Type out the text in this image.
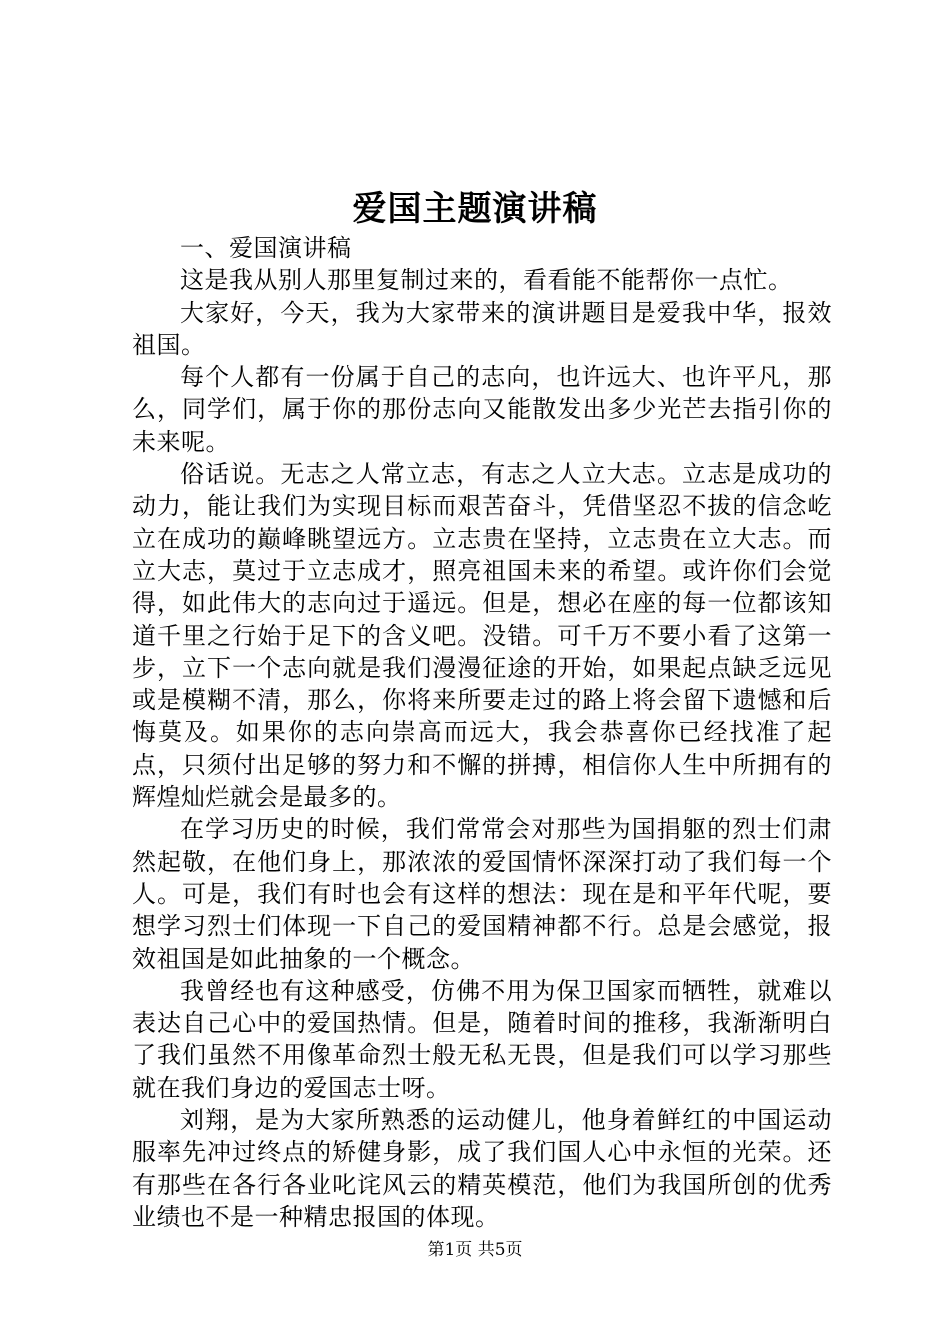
爱国主题演讲稿

一、爱国演讲稿

这是我从别人那里复制过来的，看看能不能帮你一点忙。

大家好，今天，我为大家带来的演讲题目是爱我中华，报效祖国。

每个人都有一份属于自己的志向，也许远大、也许平凡，那么，同学们，属于你的那份志向又能散发出多少光芒去指引你的未来呢。

俗话说。无志之人常立志，有志之人立大志。立志是成功的动力，能让我们为实现目标而艰苦奋斗，凭借坚忍不拔的信念屹立在成功的巅峰眺望远方。立志贵在坚持，立志贵在立大志。而立大志，莫过于立志成才，照亮祖国未来的希望。或许你们会觉得，如此伟大的志向过于遥远。但是，想必在座的每一位都该知道千里之行始于足下的含义吧。没错。可千万不要小看了这第一步，立下一个志向就是我们漫漫征途的开始，如果起点缺乏远见或是模糊不清，那么，你将来所要走过的路上将会留下遗憾和后悔莫及。如果你的志向崇高而远大，我会恭喜你已经找准了起点，只须付出足够的努力和不懈的拼搏，相信你人生中所拥有的辉煌灿烂就会是最多的。

在学习历史的时候，我们常常会对那些为国捐躯的烈士们肃然起敬，在他们身上，那浓浓的爱国情怀深深打动了我们每一个人。可是，我们有时也会有这样的想法：现在是和平年代呢，要想学习烈士们体现一下自己的爱国精神都不行。总是会感觉，报效祖国是如此抽象的一个概念。

我曾经也有这种感受，仿佛不用为保卫国家而牺牲，就难以表达自己心中的爱国热情。但是，随着时间的推移，我渐渐明白了我们虽然不用像革命烈士般无私无畏，但是我们可以学习那些就在我们身边的爱国志士呀。

刘翔，是为大家所熟悉的运动健儿，他身着鲜红的中国运动服率先冲过终点的矫健身影，成了我们国人心中永恒的光荣。还有那些在各行各业叱诧风云的精英模范，他们为我国所创的优秀业绩也不是一种精忠报国的体现。

第1页 共5页
